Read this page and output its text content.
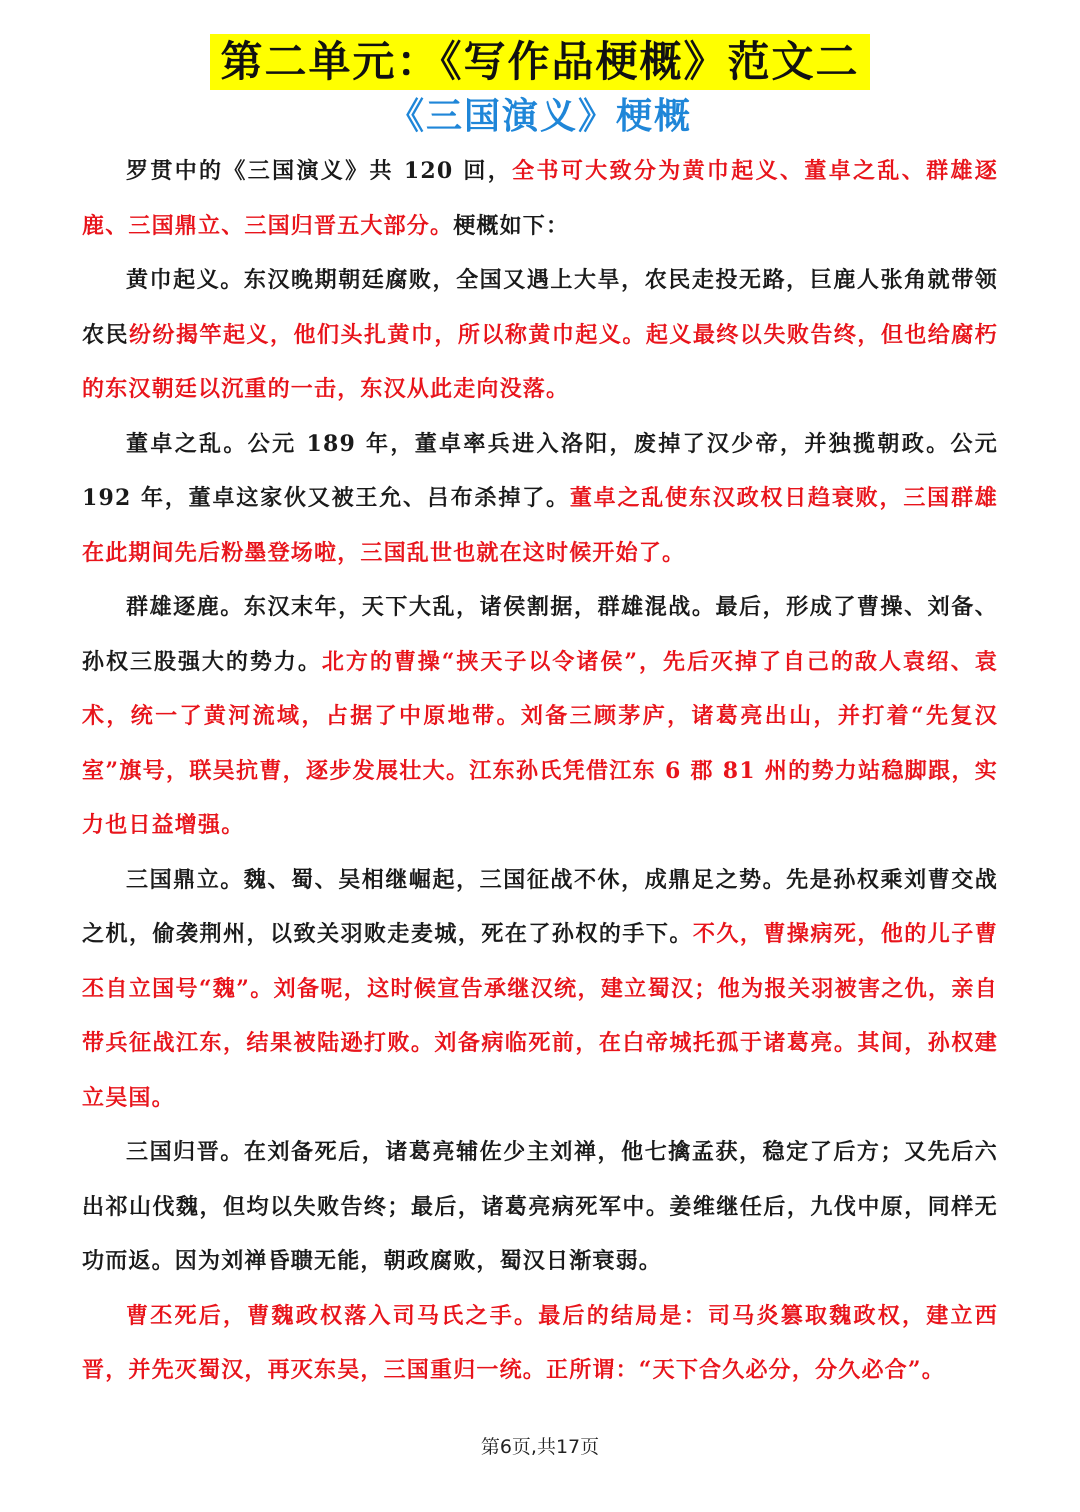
第二单元：《写作品梗概》范文二
《三国演义》梗概

罗贯中的《三国演义》共 120 回，全书可大致分为黄巾起义、董卓之乱、群雄逐鹿、三国鼎立、三国归晋五大部分。梗概如下：

黄巾起义。东汉晚期朝廷腐败，全国又遇上大旱，农民走投无路，巨鹿人张角就带领农民纷纷揭竿起义，他们头扎黄巾，所以称黄巾起义。起义最终以失败告终，但也给腐朽的东汉朝廷以沉重的一击，东汉从此走向没落。

董卓之乱。公元 189 年，董卓率兵进入洛阳，废掉了汉少帝，并独揽朝政。公元 192 年，董卓这家伙又被王允、吕布杀掉了。董卓之乱使东汉政权日趋衰败，三国群雄在此期间先后粉墨登场啦，三国乱世也就在这时候开始了。

群雄逐鹿。东汉末年，天下大乱，诸侯割据，群雄混战。最后，形成了曹操、刘备、孙权三股强大的势力。北方的曹操“挟天子以令诸侯”，先后灭掉了自己的敌人袁绍、袁术，统一了黄河流域，占据了中原地带。刘备三顾茅庐，诸葛亮出山，并打着“先复汉室”旗号，联吴抗曹，逐步发展壮大。江东孙氏凭借江东 6 郡 81 州的势力站稳脚跟，实力也日益增强。

三国鼎立。魏、蜀、吴相继崛起，三国征战不休，成鼎足之势。先是孙权乘刘曹交战之机，偷袭荆州，以致关羽败走麦城，死在了孙权的手下。不久，曹操病死，他的儿子曹丕自立国号“魏”。刘备呢，这时候宣告承继汉统，建立蜀汉；他为报关羽被害之仇，亲自带兵征战江东，结果被陆逊打败。刘备病临死前，在白帝城托孤于诸葛亮。其间，孙权建立吴国。

三国归晋。在刘备死后，诸葛亮辅佐少主刘禅，他七擒孟获，稳定了后方；又先后六出祁山伐魏，但均以失败告终；最后，诸葛亮病死军中。姜维继任后，九伐中原，同样无功而返。因为刘禅昏聩无能，朝政腐败，蜀汉日渐衰弱。

曹丕死后，曹魏政权落入司马氏之手。最后的结局是：司马炎篡取魏政权，建立西晋，并先灭蜀汉，再灭东吴，三国重归一统。正所谓：“天下合久必分，分久必合”。

第6页,共17页
